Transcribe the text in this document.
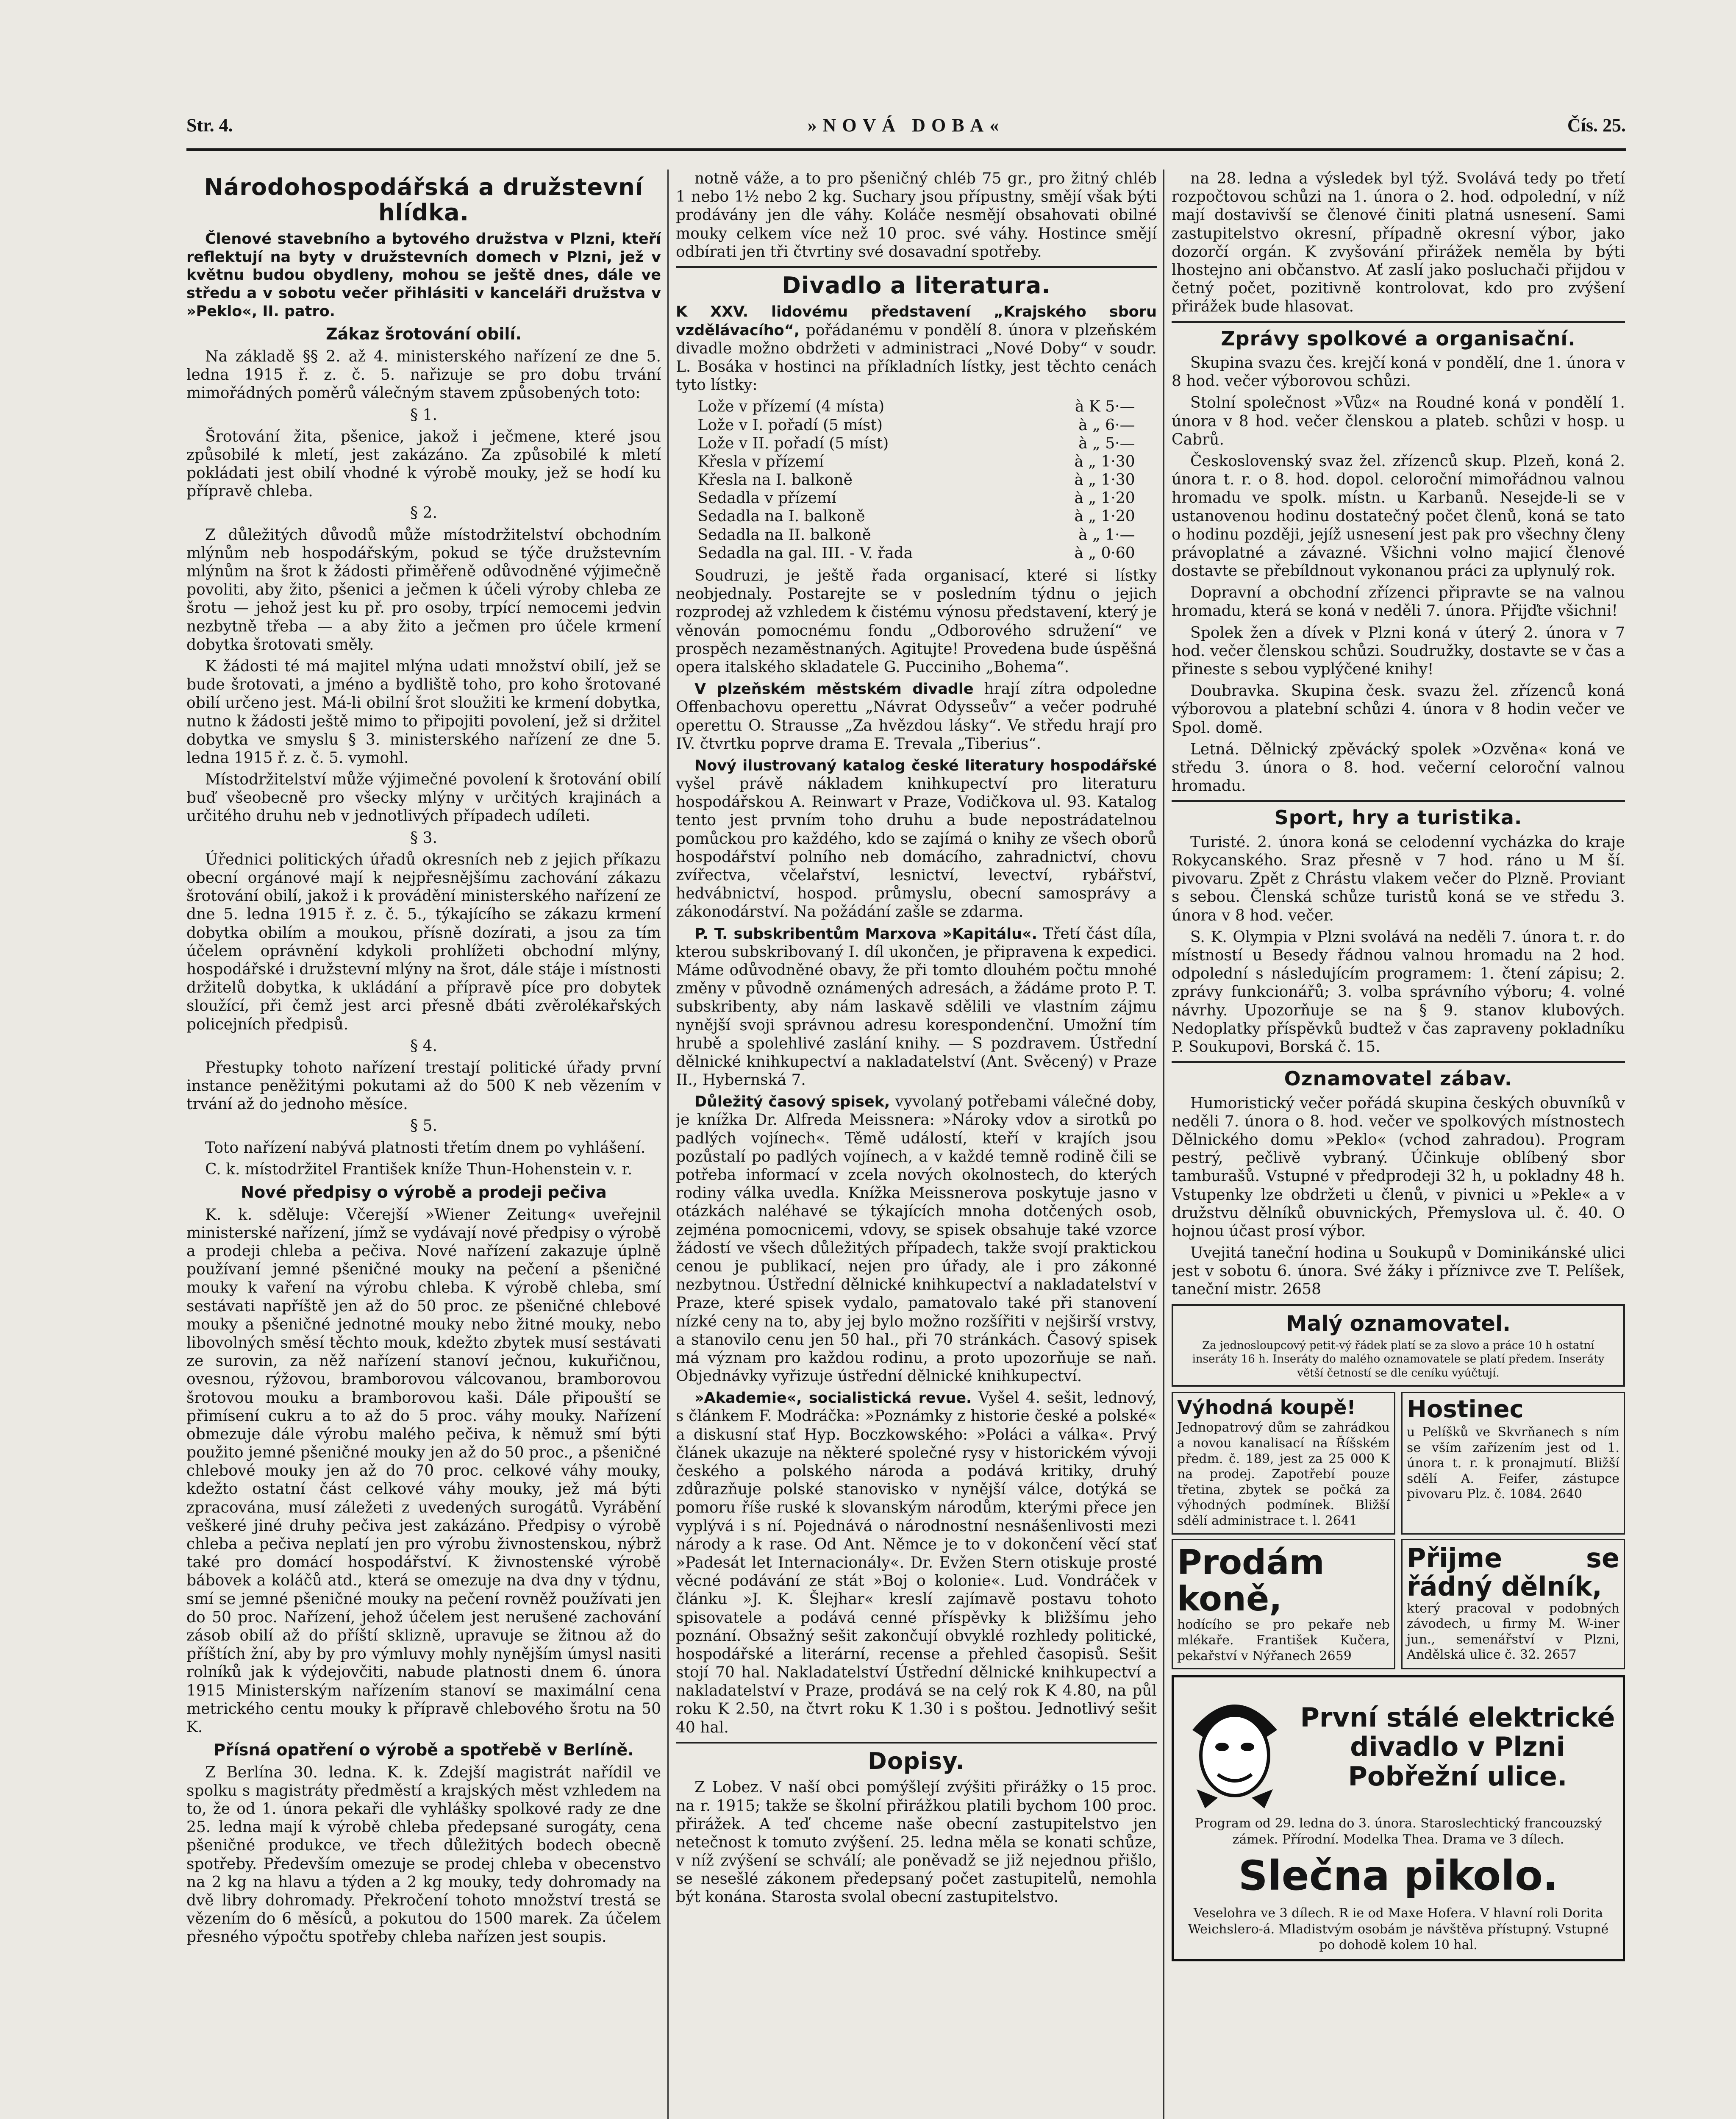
Str. 4.	»NOVÁ DOBA«	Čís. 25.
Národohospodářská a družstevní hlídka.

Členové stavebního a bytového družstva v Plzni, kteří reflektují na byty v družstevních domech v Plzni, jež v květnu budou obydleny, mohou se ještě dnes, dále ve středu a v sobotu večer přihlásiti v kanceláři družstva v »Peklo«, II. patro.

Zákaz šrotování obilí.

Na základě §§ 2. až 4. ministerského nařízení ze dne 5. ledna 1915 ř. z. č. 5. nařizuje se pro dobu trvání mimořádných poměrů válečným stavem způsobených toto:

§ 1.

Šrotování žita, pšenice, jakož i ječmene, které jsou způsobilé k mletí, jest zakázáno. Za způsobilé k mletí pokládati jest obilí vhodné k výrobě mouky, jež se hodí ku přípravě chleba.

§ 2.

Z důležitých důvodů může místodržitelství obchodním mlýnům neb hospodářským, pokud se týče družstevním mlýnům na šrot k žádosti přiměřeně odůvodněné výjimečně povoliti, aby žito, pšenici a ječmen k účeli výroby chleba ze šrotu — jehož jest ku př. pro osoby, trpící nemocemi jedvin nezbytně třeba — a aby žito a ječmen pro účele krmení dobytka šrotovati směly.

K žádosti té má majitel mlýna udati množství obilí, jež se bude šrotovati, a jméno a bydliště toho, pro koho šrotované obilí určeno jest. Má-li obilní šrot sloužiti ke krmení dobytka, nutno k žádosti ještě mimo to připojiti povolení, jež si držitel dobytka ve smyslu § 3. ministerského nařízení ze dne 5. ledna 1915 ř. z. č. 5. vymohl.

Místodržitelství může výjimečné povolení k šrotování obilí buď všeobecně pro všecky mlýny v určitých krajinách a určitého druhu neb v jednotlivých případech udíleti.

§ 3.

Úřednici politických úřadů okresních neb z jejich příkazu obecní orgánové mají k nejpřesnějšímu zachování zákazu šrotování obilí, jakož i k provádění ministerského nařízení ze dne 5. ledna 1915 ř. z. č. 5., týkajícího se zákazu krmení dobytka obilím a moukou, přísně dozírati, a jsou za tím účelem oprávnění kdykoli prohlížeti obchodní mlýny, hospodářské i družstevní mlýny na šrot, dále stáje i místnosti držitelů dobytka, k ukládání a přípravě píce pro dobytek sloužící, při čemž jest arci přesně dbáti zvěrolékařských policejních předpisů.

§ 4.

Přestupky tohoto nařízení trestají politické úřady první instance peněžitými pokutami až do 500 K neb vězením v trvání až do jednoho měsíce.

§ 5.

Toto nařízení nabývá platnosti třetím dnem po vyhlášení.

C. k. místodržitel František kníže Thun-Hohenstein v. r.

Nové předpisy o výrobě a prodeji pečiva

K. k. sděluje: Včerejší »Wiener Zeitung« uveřejnil ministerské nařízení, jímž se vydávají nové předpisy o výrobě a prodeji chleba a pečiva. Nové nařízení zakazuje úplně používaní jemné pšeničné mouky na pečení a pšeničné mouky k vaření na výrobu chleba. K výrobě chleba, smí sestávati napříště jen až do 50 proc. ze pšeničné chlebové mouky a pšeničné jednotné mouky nebo žitné mouky, nebo libovolných směsí těchto mouk, kdežto zbytek musí sestávati ze surovin, za něž nařízení stanoví ječnou, kukuřičnou, ovesnou, rýžovou, bramborovou válcovanou, bramborovou šrotovou mouku a bramborovou kaši. Dále připouští se přimísení cukru a to až do 5 proc. váhy mouky. Nařízení obmezuje dále výrobu malého pečiva, k němuž smí býti použito jemné pšeničné mouky jen až do 50 proc., a pšeničné chlebové mouky jen až do 70 proc. celkové váhy mouky, kdežto ostatní část celkové váhy mouky, jež má býti zpracována, musí záležeti z uvedených surogátů. Vyrábění veškeré jiné druhy pečiva jest zakázáno. Předpisy o výrobě chleba a pečiva neplatí jen pro výrobu živnostenskou, nýbrž také pro domácí hospodářství. K živnostenské výrobě bábovek a koláčů atd., která se omezuje na dva dny v týdnu, smí se jemné pšeničné mouky na pečení rovněž používati jen do 50 proc. Nařízení, jehož účelem jest nerušené zachování zásob obilí až do příští sklizně, upravuje se žitnou až do příštích žní, aby by pro výmluvy mohly nynějším úmysl nasiti rolníků jak k výdejovčiti, nabude platnosti dnem 6. února 1915 Ministerským nařízením stanoví se maximální cena metrického centu mouky k přípravě chlebového šrotu na 50 K.

Přísná opatření o výrobě a spotřebě v Berlíně.

Z Berlína 30. ledna. K. k. Zdejší magistrát nařídil ve spolku s magistráty předměstí a krajských měst vzhledem na to, že od 1. února pekaři dle vyhlášky spolkové rady ze dne 25. ledna mají k výrobě chleba předepsané surogáty, cena pšeničné produkce, ve třech důležitých bodech obecně spotřeby. Především omezuje se prodej chleba v obecenstvo na 2 kg na hlavu a týden a 2 kg mouky, tedy dohromady na dvě libry dohromady. Překročení tohoto množství trestá se vězením do 6 měsíců, a pokutou do 1500 marek. Za účelem přesného výpočtu spotřeby chleba nařízen jest soupis.

notně váže, a to pro pšeničný chléb 75 gr., pro žitný chléb 1 nebo 1½ nebo 2 kg. Suchary jsou přípustny, smějí však býti prodávány jen dle váhy. Koláče nesmějí obsahovati obilné mouky celkem více než 10 proc. své váhy. Hostince smějí odbírati jen tři čtvrtiny své dosavadní spotřeby.

Divadlo a literatura.

K XXV. lidovému představení „Krajského sboru vzdělávacího“, pořádanému v pondělí 8. února v plzeňském divadle možno obdržeti v administraci „Nové Doby“ v soudr. L. Bosáka v hostinci na příkladních lístky, jest těchto cenách tyto lístky:

Lože v přízemí (4 místa)	à K 5·—
Lože v I. pořadí (5 míst)	à „ 6·—
Lože v II. pořadí (5 míst)	à „ 5·—
Křesla v přízemí	à „ 1·30
Křesla na I. balkoně	à „ 1·30
Sedadla v přízemí	à „ 1·20
Sedadla na I. balkoně	à „ 1·20
Sedadla na II. balkoně	à „ 1·—
Sedadla na gal. III. - V. řada	à „ 0·60

Soudruzi, je ještě řada organisací, které si lístky neobjednaly. Postarejte se v posledním týdnu o jejich rozprodej až vzhledem k čistému výnosu představení, který je věnován pomocnému fondu „Odborového sdružení“ ve prospěch nezaměstnaných. Agitujte! Provedena bude úspěšná opera italského skladatele G. Pucciniho „Bohema“.

V plzeňském městském divadle hrají zítra odpoledne Offenbachovu operettu „Návrat Odysseův“ a večer podruhé operettu O. Strausse „Za hvězdou lásky“. Ve středu hrají pro IV. čtvrtku poprve drama E. Trevala „Tiberius“.

Nový ilustrovaný katalog české literatury hospodářské vyšel právě nákladem knihkupectví pro literaturu hospodářskou A. Reinwart v Praze, Vodičkova ul. 93. Katalog tento jest prvním toho druhu a bude nepostrádatelnou pomůckou pro každého, kdo se zajímá o knihy ze všech oborů hospodářství polního neb domácího, zahradnictví, chovu zvířectva, včelařství, lesnictví, levectví, rybářství, hedvábnictví, hospod. průmyslu, obecní samosprávy a zákonodárství. Na požádání zašle se zdarma.

P. T. subskribentům Marxova »Kapitálu«. Třetí část díla, kterou subskribovaný I. díl ukončen, je připravena k expedici. Máme odůvodněné obavy, že při tomto dlouhém počtu mnohé změny v původně oznámených adresách, a žádáme proto P. T. subskribenty, aby nám laskavě sdělili ve vlastním zájmu nynější svoji správnou adresu korespondenční. Umožní tím hrubě a spolehlivé zaslání knihy. — S pozdravem. Ústřední dělnické knihkupectví a nakladatelství (Ant. Svěcený) v Praze II., Hybernská 7.

Důležitý časový spisek, vyvolaný potřebami válečné doby, je knížka Dr. Alfreda Meissnera: »Nároky vdov a sirotků po padlých vojínech«. Těmě událostí, kteří v krajích jsou pozůstalí po padlých vojínech, a v každé temně rodině čili se potřeba informací v zcela nových okolnostech, do kterých rodiny válka uvedla. Knížka Meissnerova poskytuje jasno v otázkách naléhavé se týkajících mnoha dotčených osob, zejména pomocnicemi, vdovy, se spisek obsahuje také vzorce žádostí ve všech důležitých případech, takže svojí praktickou cenou je publikací, nejen pro úřady, ale i pro zákonné nezbytnou. Ústřední dělnické knihkupectví a nakladatelství v Praze, které spisek vydalo, pamatovalo také při stanovení nízké ceny na to, aby jej bylo možno rozšířiti v nejširší vrstvy, a stanovilo cenu jen 50 hal., při 70 stránkách. Časový spisek má význam pro každou rodinu, a proto upozorňuje se naň. Objednávky vyřizuje ústřední dělnické knihkupectví.

»Akademie«, socialistická revue. Vyšel 4. sešit, lednový, s článkem F. Modráčka: »Poznámky z historie české a polské« a diskusní stať Hyp. Boczkowského: »Poláci a válka«. Prvý článek ukazuje na některé společné rysy v historickém vývoji českého a polského národa a podává kritiky, druhý zdůrazňuje polské stanovisko v nynější válce, dotýká se pomoru říše ruské k slovanským národům, kterými přece jen vyplývá i s ní. Pojednává o národnostní nesnášenlivosti mezi národy a k rase. Od Ant. Němce je to v dokončení věcí stať »Padesát let Internacionály«. Dr. Evžen Stern otiskuje prosté věcné podávání ze stát »Boj o kolonie«. Lud. Vondráček v článku »J. K. Šlejhar« kreslí zajímavě postavu tohoto spisovatele a podává cenné příspěvky k bližšímu jeho poznání. Obsažný sešit zakončují obvyklé rozhledy politické, hospodářské a literární, recense a přehled časopisů. Sešit stojí 70 hal. Nakladatelství Ústřední dělnické knihkupectví a nakladatelství v Praze, prodává se na celý rok K 4.80, na půl roku K 2.50, na čtvrt roku K 1.30 i s poštou. Jednotlivý sešit 40 hal.

Dopisy.

Z Lobez. V naší obci pomýšlejí zvýšiti přirážky o 15 proc. na r. 1915; takže se školní přirážkou platili bychom 100 proc. přirážek. A teď chceme naše obecní zastupitelstvo jen netečnost k tomuto zvýšení. 25. ledna měla se konati schůze, v níž zvýšení se schválí; ale poněvadž se již nejednou přišlo, se nesešlé zákonem předepsaný počet zastupitelů, nemohla být konána. Starosta svolal obecní zastupitelstvo.

na 28. ledna a výsledek byl týž. Svolává tedy po třetí rozpočtovou schůzi na 1. února o 2. hod. odpolední, v níž mají dostavivší se členové činiti platná usnesení. Sami zastupitelstvo okresní, případně okresní výbor, jako dozorčí orgán. K zvyšování přirážek neměla by býti lhostejno ani občanstvo. Ať zaslí jako posluchači přijdou v četný počet, pozitivně kontrolovat, kdo pro zvýšení přirážek bude hlasovat.

Zprávy spolkové a organisační.

Skupina svazu čes. krejčí koná v pondělí, dne 1. února v 8 hod. večer výborovou schůzi.

Stolní společnost »Vůz« na Roudné koná v pondělí 1. února v 8 hod. večer členskou a plateb. schůzi v hosp. u Cabrů.

Československý svaz žel. zřízenců skup. Plzeň, koná 2. února t. r. o 8. hod. dopol. celoroční mimořádnou valnou hromadu ve spolk. místn. u Karbanů. Nesejde-li se v ustanovenou hodinu dostatečný počet členů, koná se tato o hodinu později, jejíž usnesení jest pak pro všechny členy právoplatné a závazné. Všichni volno majicí členové dostavte se přebíldnout vykonanou práci za uplynulý rok.

Dopravní a obchodní zřízenci připravte se na valnou hromadu, která se koná v neděli 7. února. Přijďte všichni!

Spolek žen a dívek v Plzni koná v úterý 2. února v 7 hod. večer členskou schůzi. Soudružky, dostavte se v čas a přineste s sebou vyplýčené knihy!

Doubravka. Skupina česk. svazu žel. zřízenců koná výborovou a platební schůzi 4. února v 8 hodin večer ve Spol. domě.

Letná. Dělnický zpěvácký spolek »Ozvěna« koná ve středu 3. února o 8. hod. večerní celoroční valnou hromadu.

Sport, hry a turistika.

Turisté. 2. února koná se celodenní vycházka do kraje Rokycanského. Sraz přesně v 7 hod. ráno u M ší. pivovaru. Zpět z Chrástu vlakem večer do Plzně. Proviant s sebou. Členská schůze turistů koná se ve středu 3. února v 8 hod. večer.

S. K. Olympia v Plzni svolává na neděli 7. února t. r. do místností u Besedy řádnou valnou hromadu na 2 hod. odpolední s následujícím programem: 1. čtení zápisu; 2. zprávy funkcionářů; 3. volba správního výboru; 4. volné návrhy. Upozorňuje se na § 9. stanov klubových. Nedoplatky příspěvků budtež v čas zapraveny pokladníku P. Soukupovi, Borská č. 15.

Oznamovatel zábav.

Humoristický večer pořádá skupina českých obuvníků v neděli 7. února o 8. hod. večer ve spolkových místnostech Dělnického domu »Peklo« (vchod zahradou). Program pestrý, pečlivě vybraný. Účinkuje oblíbený sbor tamburašů. Vstupné v předprodeji 32 h, u pokladny 48 h. Vstupenky lze obdržeti u členů, v pivnici u »Pekle« a v družstvu dělníků obuvnických, Přemyslova ul. č. 40. O hojnou účast prosí výbor.

Uvejitá taneční hodina u Soukupů v Dominikánské ulici jest v sobotu 6. února. Své žáky i příznivce zve T. Pelíšek, taneční mistr. 2658

Malý oznamovatel.
Za jednosloupcový petit-vý řádek platí se za slovo a práce 10 h ostatní inseráty 16 h. Inseráty do malého oznamovatele se platí předem. Inseráty větší četností se dle ceníku vyúčtují.
Výhodná koupě!
Jednopatrový dům se zahrádkou a novou kanalisací na Říšském předm. č. 189, jest za 25 000 K na prodej. Zapotřebí pouze třetina, zbytek se počká za výhodných podmínek. Bližší sdělí administrace t. l. 2641
Hostinec
u Pelíšků ve Skvrňanech s ním se vším zařízením jest od 1. února t. r. k pronajmutí. Bližší sdělí A. Feifer, zástupce pivovaru Plz. č. 1084. 2640
Prodám koně,
hodícího se pro pekaře neb mlékaře. František Kučera, pekařství v Nýřanech 2659
Přijme se řádný dělník,
který pracoval v podobných závodech, u firmy M. W-iner jun., semenářství v Plzni, Andělská ulice č. 32. 2657
První stálé elektrické divadlo v Plzni Pobřežní ulice.
Program od 29. ledna do 3. února. Staroslechtický francouzský zámek. Přírodní. Modelka Thea. Drama ve 3 dílech.
Slečna pikolo.
Veselohra ve 3 dílech. R ie od Maxe Hofera. V hlavní roli Dorita Weichslero-á. Mladistvým osobám je návštěva přístupný. Vstupné po dohodě kolem 10 hal.
